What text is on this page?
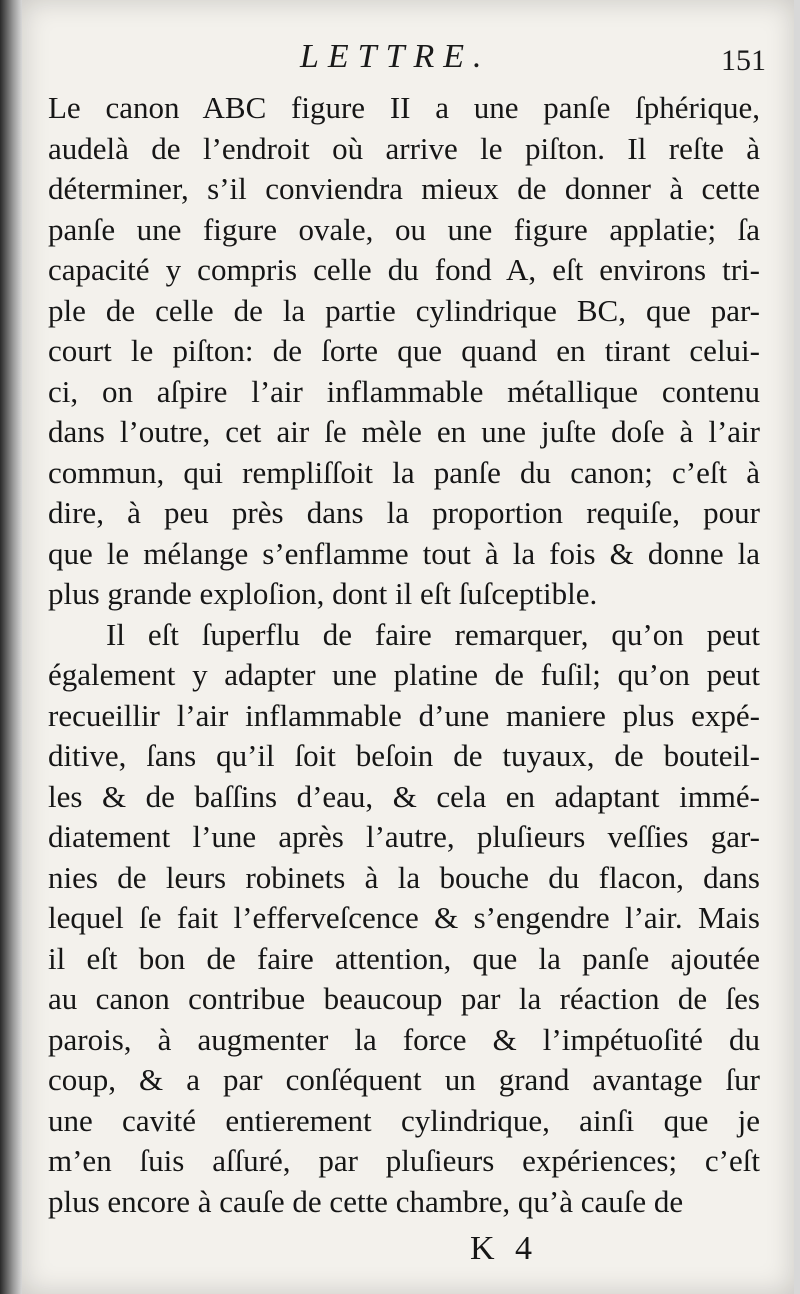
LETTRE.	151
Le canon ABC figure II a une panſe ſphérique,
audelà de l’endroit où arrive le piſton. Il reſte à
déterminer, s’il conviendra mieux de donner à cette
panſe une figure ovale, ou une figure applatie; ſa
capacité y compris celle du fond A, eſt environs tri-
ple de celle de la partie cylindrique BC, que par-
court le piſton: de ſorte que quand en tirant celui-
ci, on aſpire l’air inflammable métallique contenu
dans l’outre, cet air ſe mèle en une juſte doſe à l’air
commun, qui rempliſſoit la panſe du canon; c’eſt à
dire, à peu près dans la proportion requiſe, pour
que le mélange s’enflamme tout à la fois & donne la
plus grande exploſion, dont il eſt ſuſceptible.
Il eſt ſuperflu de faire remarquer, qu’on peut
également y adapter une platine de fuſil; qu’on peut
recueillir l’air inflammable d’une maniere plus expé-
ditive, ſans qu’il ſoit beſoin de tuyaux, de bouteil-
les & de baſſins d’eau, & cela en adaptant immé-
diatement l’une après l’autre, pluſieurs veſſies gar-
nies de leurs robinets à la bouche du flacon, dans
lequel ſe fait l’efferveſcence & s’engendre l’air. Mais
il eſt bon de faire attention, que la panſe ajoutée
au canon contribue beaucoup par la réaction de ſes
parois, à augmenter la force & l’impétuoſité du
coup, & a par conſéquent un grand avantage ſur
une cavité entierement cylindrique, ainſi que je
m’en ſuis aſſuré, par pluſieurs expériences; c’eſt
plus encore à cauſe de cette chambre, qu’à cauſe de
K 4
